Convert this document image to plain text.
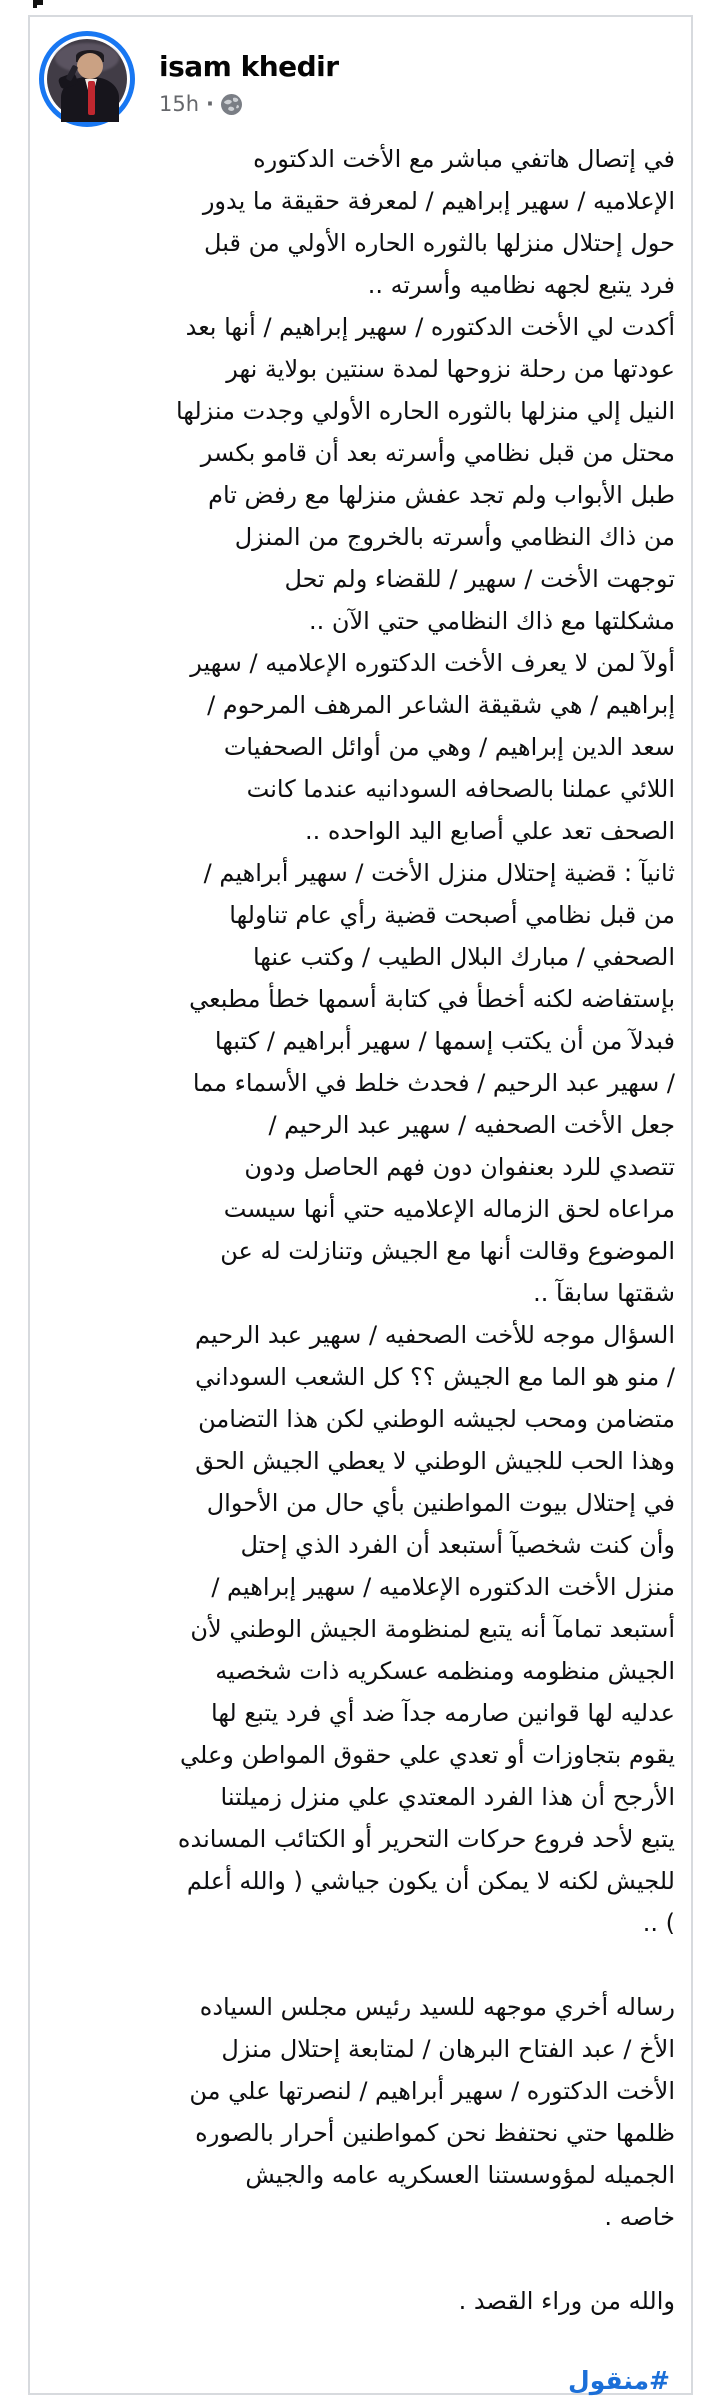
isam khedir
15h ·
في إتصال هاتفي مباشر مع الأخت الدكتوره
الإعلاميه / سهير إبراهيم / لمعرفة حقيقة ما يدور
حول إحتلال منزلها بالثوره الحاره الأولي من قبل
فرد يتبع لجهه نظاميه وأسرته ..
أكدت لي الأخت الدكتوره / سهير إبراهيم / أنها بعد
عودتها من رحلة نزوحها لمدة سنتين بولاية نهر
النيل إلي منزلها بالثوره الحاره الأولي وجدت منزلها
محتل من قبل نظامي وأسرته بعد أن قامو بكسر
طبل الأبواب ولم تجد عفش منزلها مع رفض تام
من ذاك النظامي وأسرته بالخروج من المنزل
توجهت الأخت / سهير / للقضاء ولم تحل
مشكلتها مع ذاك النظامي حتي الآن ..
أولآ لمن لا يعرف الأخت الدكتوره الإعلاميه / سهير
إبراهيم / هي شقيقة الشاعر المرهف المرحوم /
سعد الدين إبراهيم / وهي من أوائل الصحفيات
اللائي عملنا بالصحافه السودانيه عندما كانت
الصحف تعد علي أصابع اليد الواحده ..
ثانيآ : قضية إحتلال منزل الأخت / سهير أبراهيم /
من قبل نظامي أصبحت قضية رأي عام تناولها
الصحفي / مبارك البلال الطيب / وكتب عنها
بإستفاضه لكنه أخطأ في كتابة أسمها خطأ مطبعي
فبدلآ من أن يكتب إسمها / سهير أبراهيم / كتبها
/ سهير عبد الرحيم / فحدث خلط في الأسماء مما
جعل الأخت الصحفيه / سهير عبد الرحيم /
تتصدي للرد بعنفوان دون فهم الحاصل ودون
مراعاه لحق الزماله الإعلاميه حتي أنها سيست
الموضوع وقالت أنها مع الجيش وتنازلت له عن
شقتها سابقآ ..
السؤال موجه للأخت الصحفيه / سهير عبد الرحيم
/ منو هو الما مع الجيش ؟؟ كل الشعب السوداني
متضامن ومحب لجيشه الوطني لكن هذا التضامن
وهذا الحب للجيش الوطني لا يعطي الجيش الحق
في إحتلال بيوت المواطنين بأي حال من الأحوال
وأن كنت شخصيآ أستبعد أن الفرد الذي إحتل
منزل الأخت الدكتوره الإعلاميه / سهير إبراهيم /
أستبعد تمامآ أنه يتبع لمنظومة الجيش الوطني لأن
الجيش منظومه ومنظمه عسكريه ذات شخصيه
عدليه لها قوانين صارمه جدآ ضد أي فرد يتبع لها
يقوم بتجاوزات أو تعدي علي حقوق المواطن وعلي
الأرجح أن هذا الفرد المعتدي علي منزل زميلتنا
يتبع لأحد فروع حركات التحرير أو الكتائب المسانده
للجيش لكنه لا يمكن أن يكون جياشي ( والله أعلم
) ..

رساله أخري موجهه للسيد رئيس مجلس السياده
الأخ / عبد الفتاح البرهان / لمتابعة إحتلال منزل
الأخت الدكتوره / سهير أبراهيم / لنصرتها علي من
ظلمها حتي نحتفظ نحن كمواطنين أحرار بالصوره
الجميله لمؤوسستنا العسكريه عامه والجيش
خاصه .

والله من وراء القصد .

#منقول
